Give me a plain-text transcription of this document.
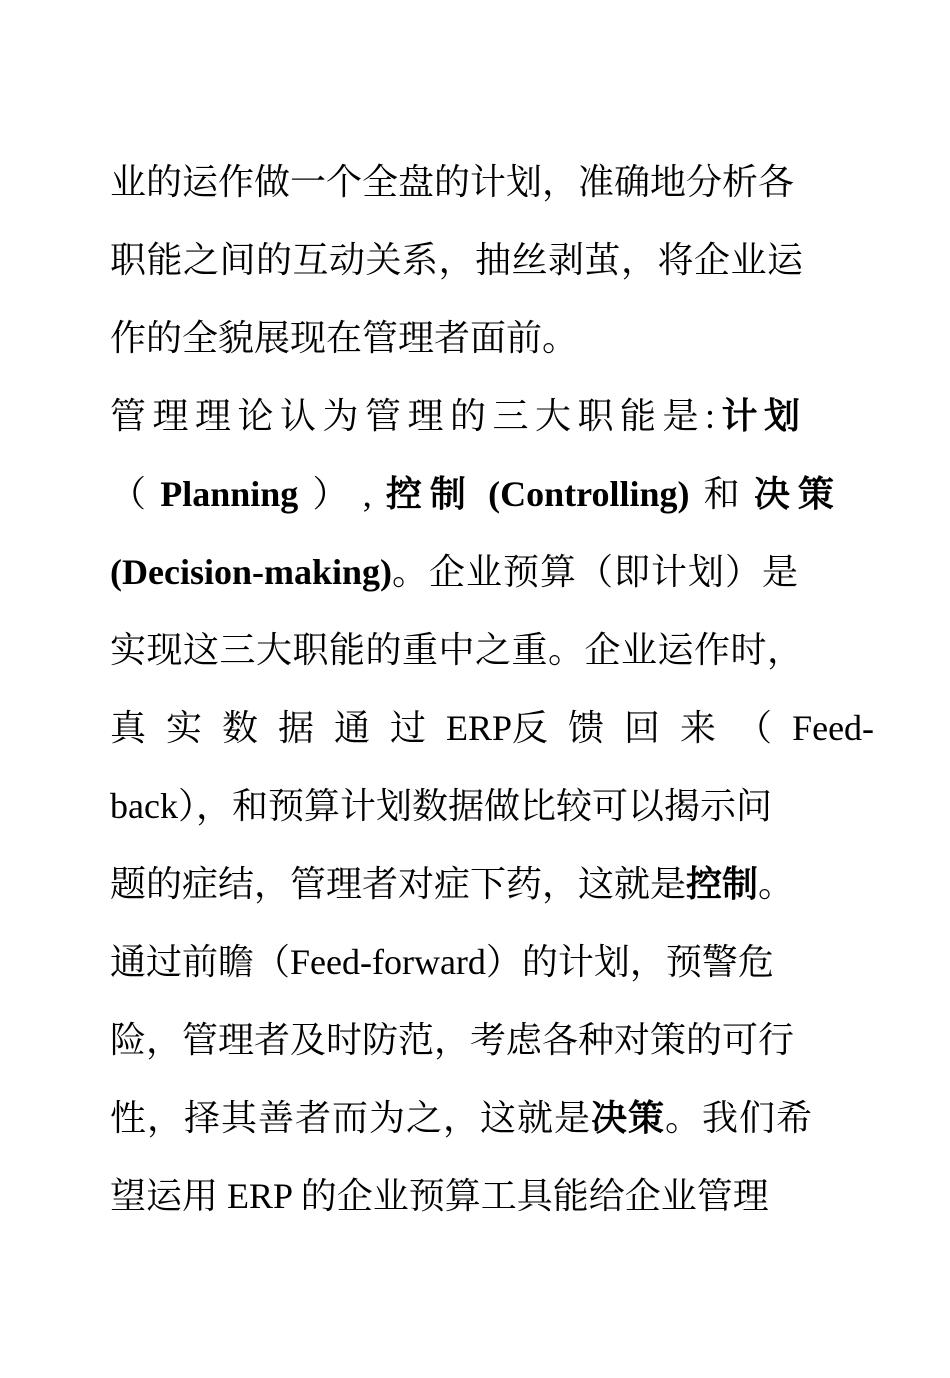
业的运作做一个全盘的计划，准确地分析各
职能之间的互动关系，抽丝剥茧，将企业运
作的全貌展现在管理者面前。
管理理论认为管理的三大职能是:计划
（ Planning ） , 控制 (Controlling) 和 决策
(Decision-making)。企业预算（即计划）是
实现这三大职能的重中之重。企业运作时，
真实数据通过 ERP 反馈回来（ Feed-
back），和预算计划数据做比较可以揭示问
题的症结，管理者对症下药，这就是控制。
通过前瞻（Feed-forward）的计划，预警危
险，管理者及时防范，考虑各种对策的可行
性，择其善者而为之，这就是决策。我们希
望运用 ERP 的企业预算工具能给企业管理
